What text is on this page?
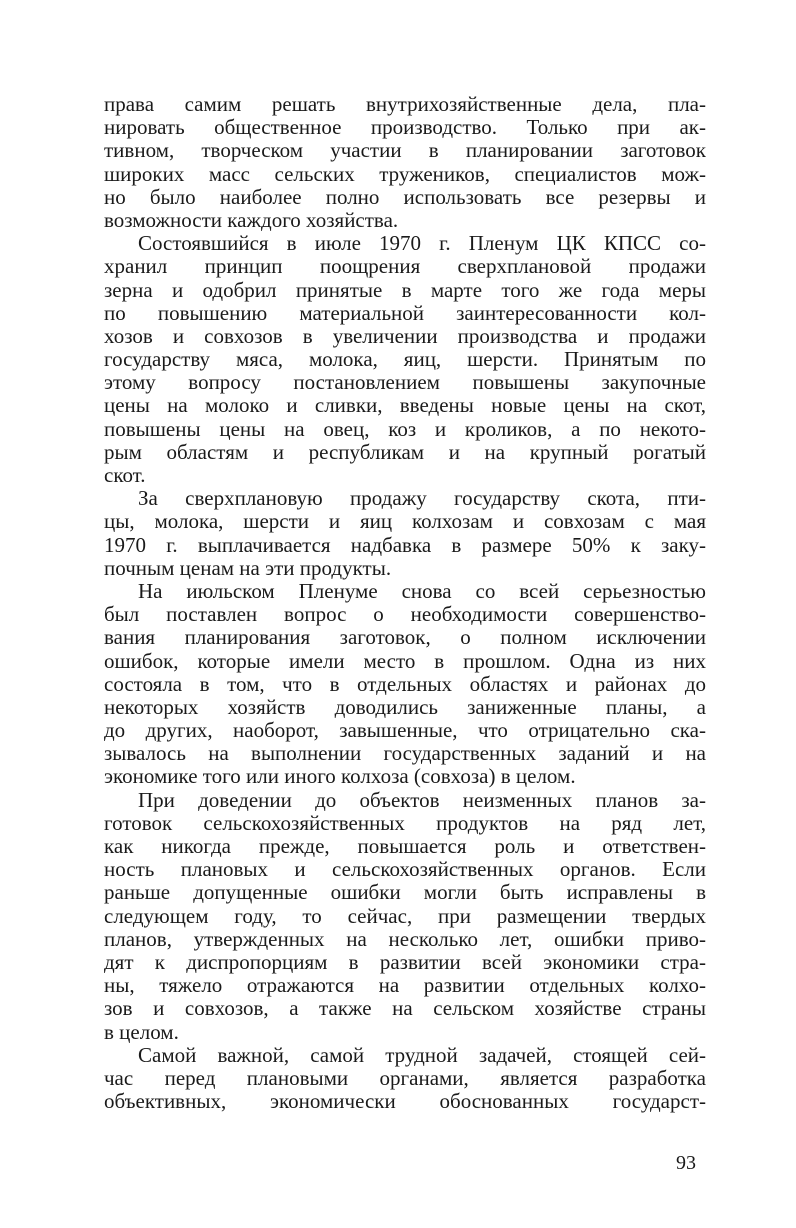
права самим решать внутрихозяйственные дела, пла-
нировать общественное производство. Только при ак-
тивном, творческом участии в планировании заготовок
широких масс сельских тружеников, специалистов мож-
но было наиболее полно использовать все резервы и
возможности каждого хозяйства.
Состоявшийся в июле 1970 г. Пленум ЦК КПСС со-
хранил принцип поощрения сверхплановой продажи
зерна и одобрил принятые в марте того же года меры
по повышению материальной заинтересованности кол-
хозов и совхозов в увеличении производства и продажи
государству мяса, молока, яиц, шерсти. Принятым по
этому вопросу постановлением повышены закупочные
цены на молоко и сливки, введены новые цены на скот,
повышены цены на овец, коз и кроликов, а по некото-
рым областям и республикам и на крупный рогатый
скот.
За сверхплановую продажу государству скота, пти-
цы, молока, шерсти и яиц колхозам и совхозам с мая
1970 г. выплачивается надбавка в размере 50% к заку-
почным ценам на эти продукты.
На июльском Пленуме снова со всей серьезностью
был поставлен вопрос о необходимости совершенство-
вания планирования заготовок, о полном исключении
ошибок, которые имели место в прошлом. Одна из них
состояла в том, что в отдельных областях и районах до
некоторых хозяйств доводились заниженные планы, а
до других, наоборот, завышенные, что отрицательно ска-
зывалось на выполнении государственных заданий и на
экономике того или иного колхоза (совхоза) в целом.
При доведении до объектов неизменных планов за-
готовок сельскохозяйственных продуктов на ряд лет,
как никогда прежде, повышается роль и ответствен-
ность плановых и сельскохозяйственных органов. Если
раньше допущенные ошибки могли быть исправлены в
следующем году, то сейчас, при размещении твердых
планов, утвержденных на несколько лет, ошибки приво-
дят к диспропорциям в развитии всей экономики стра-
ны, тяжело отражаются на развитии отдельных колхо-
зов и совхозов, а также на сельском хозяйстве страны
в целом.
Самой важной, самой трудной задачей, стоящей сей-
час перед плановыми органами, является разработка
объективных, экономически обоснованных государст-
93
